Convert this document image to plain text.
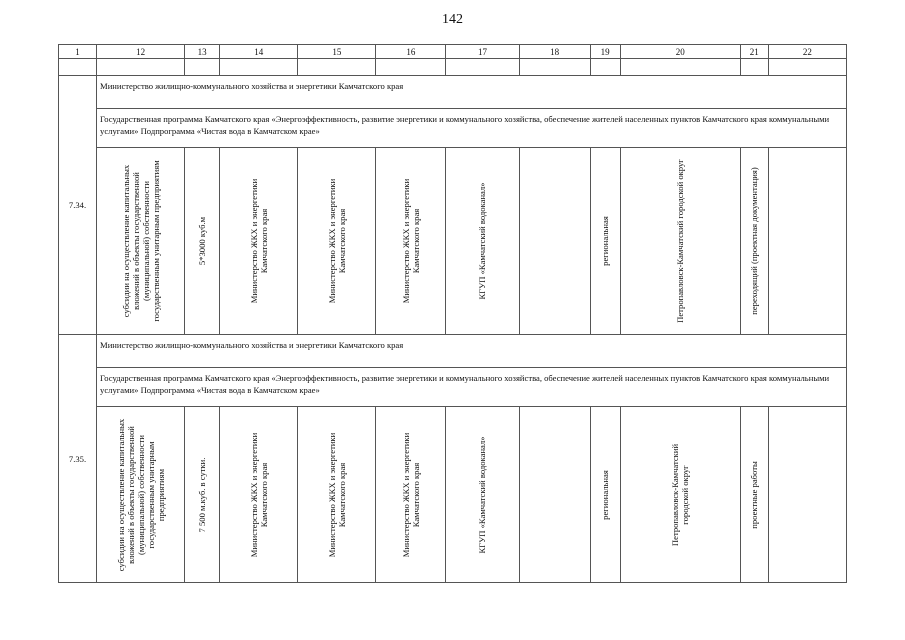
142
1	12	13	14	15	16	17	18	19	20	21	22

7.34.	Министерство жилищно-коммунального хозяйства и энергетики Камчатского края										
	Государственная программа Камчатского края «Энергоэффективность, развитие энергетики и коммунального хозяйства, обеспечение жителей населенных пунктов Камчатского края коммунальными услугами» Подпрограмма «Чистая вода в Камчатском крае»										

	субсидии на осуществление капитальных вложений в объекты государственной (муниципальной) собственности государственным унитарным предприятиям	5*3000 куб.м	Министерство ЖКХ и энергетики Камчатского края	Министерство ЖКХ и энергетики Камчатского края	Министерство ЖКХ и энергетики Камчатского края	КГУП «Камчатский водоканал»		региональная	Петропавловск-Камчатский городской округ	переходящий (проектная документация)	

7.35.	Министерство жилищно-коммунального хозяйства и энергетики Камчатского края										
	Государственная программа Камчатского края «Энергоэффективность, развитие энергетики и коммунального хозяйства, обеспечение жителей населенных пунктов Камчатского края коммунальными услугами» Подпрограмма «Чистая вода в Камчатском крае»										

	субсидии на осуществление капитальных вложений в объекты государственной (муниципальной) собственности государственным унитарным предприятиям	7 500 м.куб. в сутки.	Министерство ЖКХ и энергетики Камчатского края	Министерство ЖКХ и энергетики Камчатского края	Министерство ЖКХ и энергетики Камчатского края	КГУП «Камчатский водоканал»		региональная	Петропавловск-Камчатский городской округ	проектные работы	
